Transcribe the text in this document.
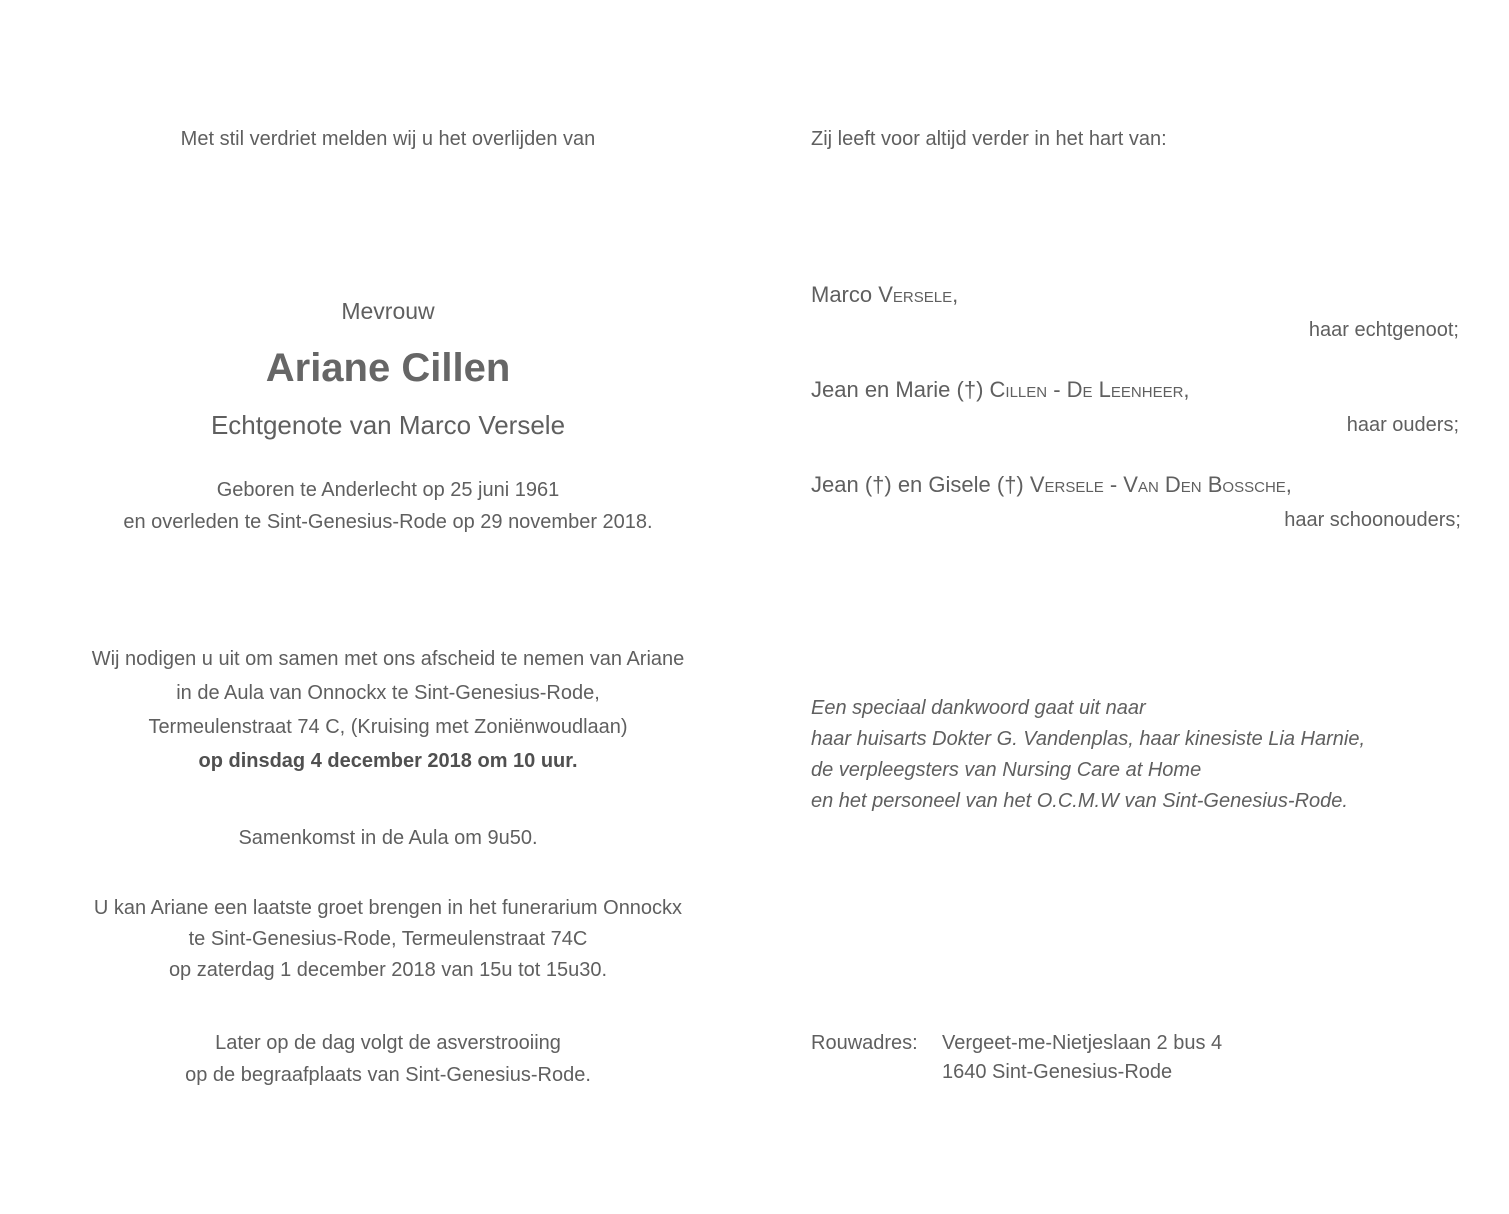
Met stil verdriet melden wij u het overlijden van
Mevrouw
Ariane Cillen
Echtgenote van Marco Versele
Geboren te Anderlecht op 25 juni 1961
en overleden te Sint-Genesius-Rode op 29 november 2018.
Wij nodigen u uit om samen met ons afscheid te nemen van Ariane
in de Aula van Onnockx te Sint-Genesius-Rode,
Termeulenstraat 74 C, (Kruising met Zoniënwoudlaan)
op dinsdag 4 december 2018 om 10 uur.
Samenkomst in de Aula om 9u50.
U kan Ariane een laatste groet brengen in het funerarium Onnockx
te Sint-Genesius-Rode, Termeulenstraat 74C
op zaterdag 1 december 2018 van 15u tot 15u30.
Later op de dag volgt de asverstrooiing
op de begraafplaats van Sint-Genesius-Rode.
Zij leeft voor altijd verder in het hart van:
Marco Versele,
haar echtgenoot;
Jean en Marie (†) Cillen - De Leenheer,
haar ouders;
Jean (†) en Gisele (†) Versele - Van Den Bossche,
haar schoonouders;
Een speciaal dankwoord gaat uit naar
haar huisarts Dokter G. Vandenplas, haar kinesiste Lia Harnie,
de verpleegsters van Nursing Care at Home
en het personeel van het O.C.M.W van Sint-Genesius-Rode.
Rouwadres: Vergeet-me-Nietjeslaan 2 bus 4
1640 Sint-Genesius-Rode
